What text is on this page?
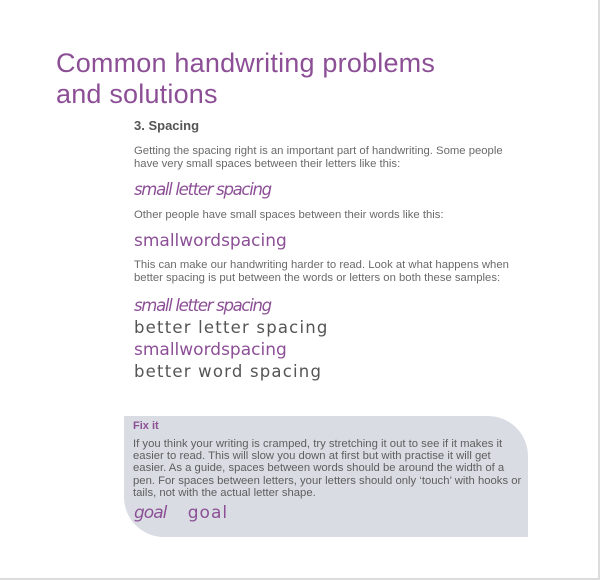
Common handwriting problems
and solutions
3. Spacing

Getting the spacing right is an important part of handwriting. Some people have very small spaces between their letters like this:

small letter spacing

Other people have small spaces between their words like this:

smallwordspacing

This can make our handwriting harder to read. Look at what happens when better spacing is put between the words or letters on both these samples:

small letter spacing

better letter spacing

smallwordspacing

better word spacing

Fix it
If you think your writing is cramped, try stretching it out to see if it makes it easier to read. This will slow you down at first but with practise it will get easier. As a guide, spaces between words should be around the width of a pen. For spaces between letters, your letters should only ‘touch’ with hooks or tails, not with the actual letter shape.
goal goal
